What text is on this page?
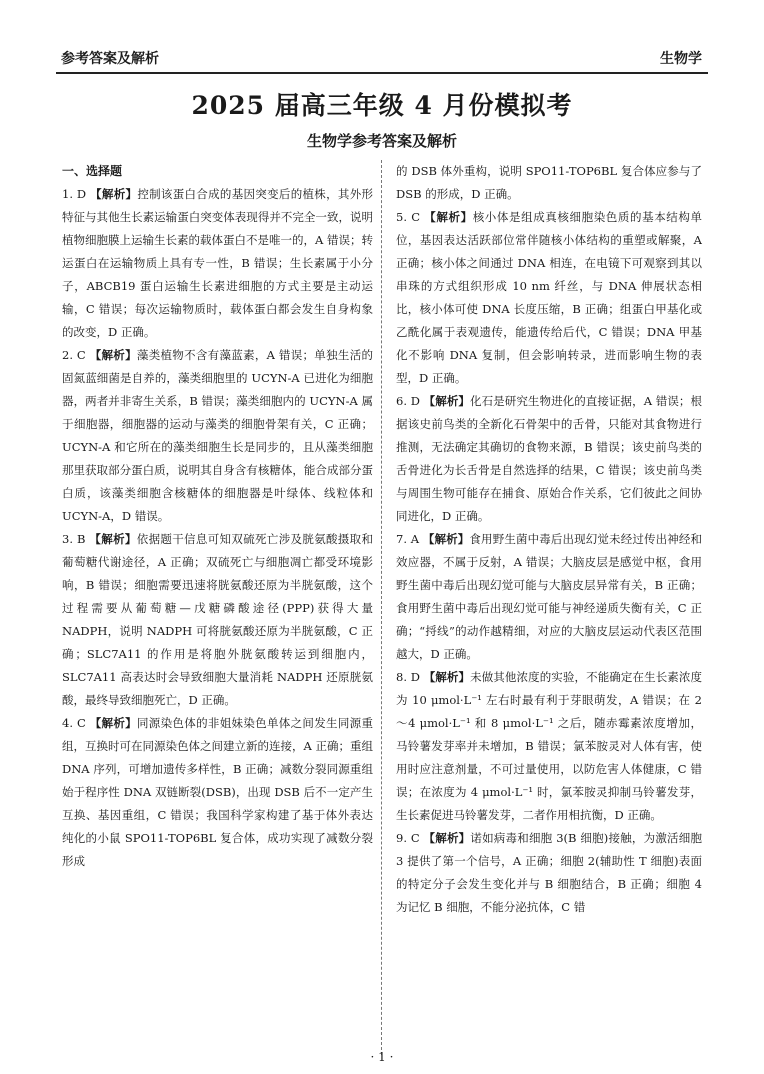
参考答案及解析	生物学
2025 届高三年级 4 月份模拟考
生物学参考答案及解析
一、选择题

1. D 【解析】控制该蛋白合成的基因突变后的植株，其外形特征与其他生长素运输蛋白突变体表现得并不完全一致，说明植物细胞膜上运输生长素的载体蛋白不是唯一的，A 错误；转运蛋白在运输物质上具有专一性，B 错误；生长素属于小分子，ABCB19 蛋白运输生长素进细胞的方式主要是主动运输，C 错误；每次运输物质时，载体蛋白都会发生自身构象的改变，D 正确。

2. C 【解析】藻类植物不含有藻蓝素，A 错误；单独生活的固氮蓝细菌是自养的，藻类细胞里的 UCYN-A 已进化为细胞器，两者并非寄生关系，B 错误；藻类细胞内的 UCYN-A 属于细胞器，细胞器的运动与藻类的细胞骨架有关，C 正确；UCYN-A 和它所在的藻类细胞生长是同步的，且从藻类细胞那里获取部分蛋白质，说明其自身含有核糖体，能合成部分蛋白质，该藻类细胞含核糖体的细胞器是叶绿体、线粒体和 UCYN-A，D 错误。

3. B 【解析】依据题干信息可知双硫死亡涉及胱氨酸摄取和葡萄糖代谢途径，A 正确；双硫死亡与细胞凋亡都受环境影响，B 错误；细胞需要迅速将胱氨酸还原为半胱氨酸，这个过程需要从葡萄糖—戊糖磷酸途径(PPP)获得大量 NADPH，说明 NADPH 可将胱氨酸还原为半胱氨酸，C 正确；SLC7A11 的作用是将胞外胱氨酸转运到细胞内，SLC7A11 高表达时会导致细胞大量消耗 NADPH 还原胱氨酸，最终导致细胞死亡，D 正确。

4. C 【解析】同源染色体的非姐妹染色单体之间发生同源重组，互换时可在同源染色体之间建立新的连接，A 正确；重组 DNA 序列，可增加遗传多样性，B 正确；减数分裂同源重组始于程序性 DNA 双链断裂(DSB)，出现 DSB 后不一定产生互换、基因重组，C 错误；我国科学家构建了基于体外表达纯化的小鼠 SPO11-TOP6BL 复合体，成功实现了减数分裂形成

的 DSB 体外重构，说明 SPO11-TOP6BL 复合体应参与了 DSB 的形成，D 正确。

5. C 【解析】核小体是组成真核细胞染色质的基本结构单位，基因表达活跃部位常伴随核小体结构的重塑或解聚，A 正确；核小体之间通过 DNA 相连，在电镜下可观察到其以串珠的方式组织形成 10 nm 纤丝，与 DNA 伸展状态相比，核小体可使 DNA 长度压缩，B 正确；组蛋白甲基化或乙酰化属于表观遗传，能遗传给后代，C 错误；DNA 甲基化不影响 DNA 复制，但会影响转录，进而影响生物的表型，D 正确。

6. D 【解析】化石是研究生物进化的直接证据，A 错误；根据该史前鸟类的全新化石骨架中的舌骨，只能对其食物进行推测，无法确定其确切的食物来源，B 错误；该史前鸟类的舌骨进化为长舌骨是自然选择的结果，C 错误；该史前鸟类与周围生物可能存在捕食、原始合作关系，它们彼此之间协同进化，D 正确。

7. A 【解析】食用野生菌中毒后出现幻觉未经过传出神经和效应器，不属于反射，A 错误；大脑皮层是感觉中枢，食用野生菌中毒后出现幻觉可能与大脑皮层异常有关，B 正确；食用野生菌中毒后出现幻觉可能与神经递质失衡有关，C 正确；“捋线”的动作越精细，对应的大脑皮层运动代表区范围越大，D 正确。

8. D 【解析】未做其他浓度的实验，不能确定在生长素浓度为 10 μmol·L⁻¹ 左右时最有利于芽眼萌发，A 错误；在 2～4 μmol·L⁻¹ 和 8 μmol·L⁻¹ 之后，随赤霉素浓度增加，马铃薯发芽率并未增加，B 错误；氯苯胺灵对人体有害，使用时应注意剂量，不可过量使用，以防危害人体健康，C 错误；在浓度为 4 μmol·L⁻¹ 时，氯苯胺灵抑制马铃薯发芽，生长素促进马铃薯发芽，二者作用相抗衡，D 正确。

9. C 【解析】诺如病毒和细胞 3(B 细胞)接触，为激活细胞 3 提供了第一个信号，A 正确；细胞 2(辅助性 T 细胞)表面的特定分子会发生变化并与 B 细胞结合，B 正确；细胞 4 为记忆 B 细胞，不能分泌抗体，C 错

· 1 ·
